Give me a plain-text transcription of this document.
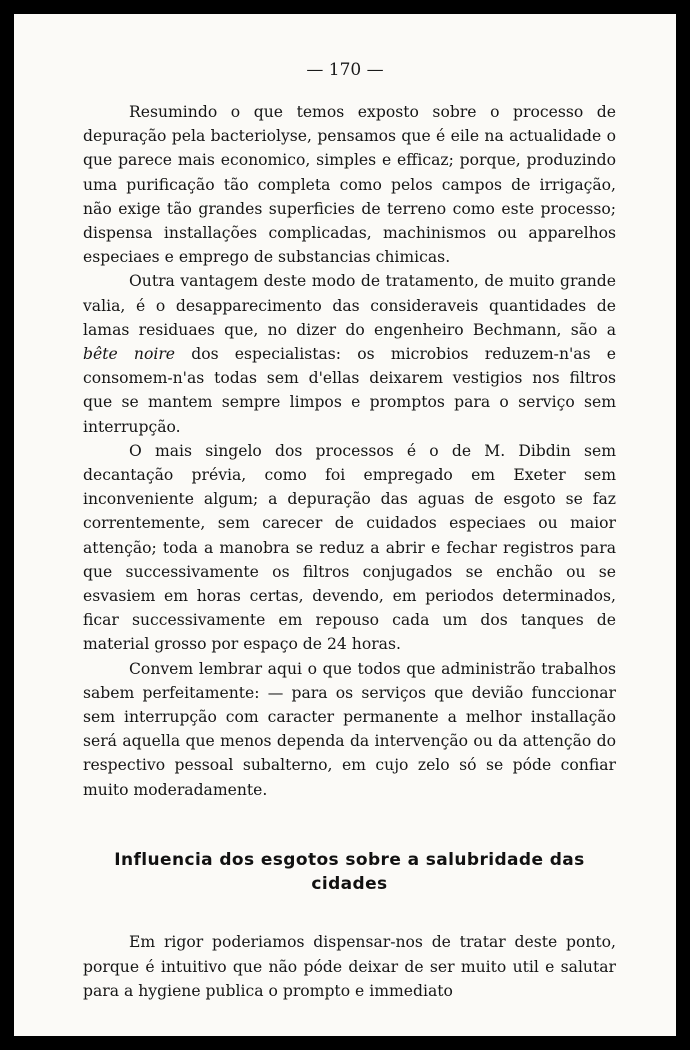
— 170 —

Resumindo o que temos exposto sobre o processo de depuração pela bacteriolyse, pensamos que é eile na actualidade o que parece mais economico, simples e efficaz; porque, produzindo uma purificação tão completa como pelos campos de irrigação, não exige tão grandes superficies de terreno como este processo; dispensa installações complicadas, machinismos ou apparelhos especiaes e emprego de substancias chimicas.

Outra vantagem deste modo de tratamento, de muito grande valia, é o desapparecimento das consideraveis quantidades de lamas residuaes que, no dizer do engenheiro Bechmann, são a bête noire dos especialistas: os microbios reduzem-n'as e consomem-n'as todas sem d'ellas deixarem vestigios nos filtros que se mantem sempre limpos e promptos para o serviço sem interrupção.

O mais singelo dos processos é o de M. Dibdin sem decantação prévia, como foi empregado em Exeter sem inconveniente algum; a depuração das aguas de esgoto se faz correntemente, sem carecer de cuidados especiaes ou maior attenção; toda a manobra se reduz a abrir e fechar registros para que successivamente os filtros conjugados se enchão ou se esvasiem em horas certas, devendo, em periodos determinados, ficar successivamente em repouso cada um dos tanques de material grosso por espaço de 24 horas.

Convem lembrar aqui o que todos que administrão trabalhos sabem perfeitamente: — para os serviços que devião funccionar sem interrupção com caracter permanente a melhor installação será aquella que menos dependa da intervenção ou da attenção do respectivo pessoal subalterno, em cujo zelo só se póde confiar muito moderadamente.

Influencia dos esgotos sobre a salubridade das cidades

Em rigor poderiamos dispensar-nos de tratar deste ponto, porque é intuitivo que não póde deixar de ser muito util e salutar para a hygiene publica o prompto e immediato
